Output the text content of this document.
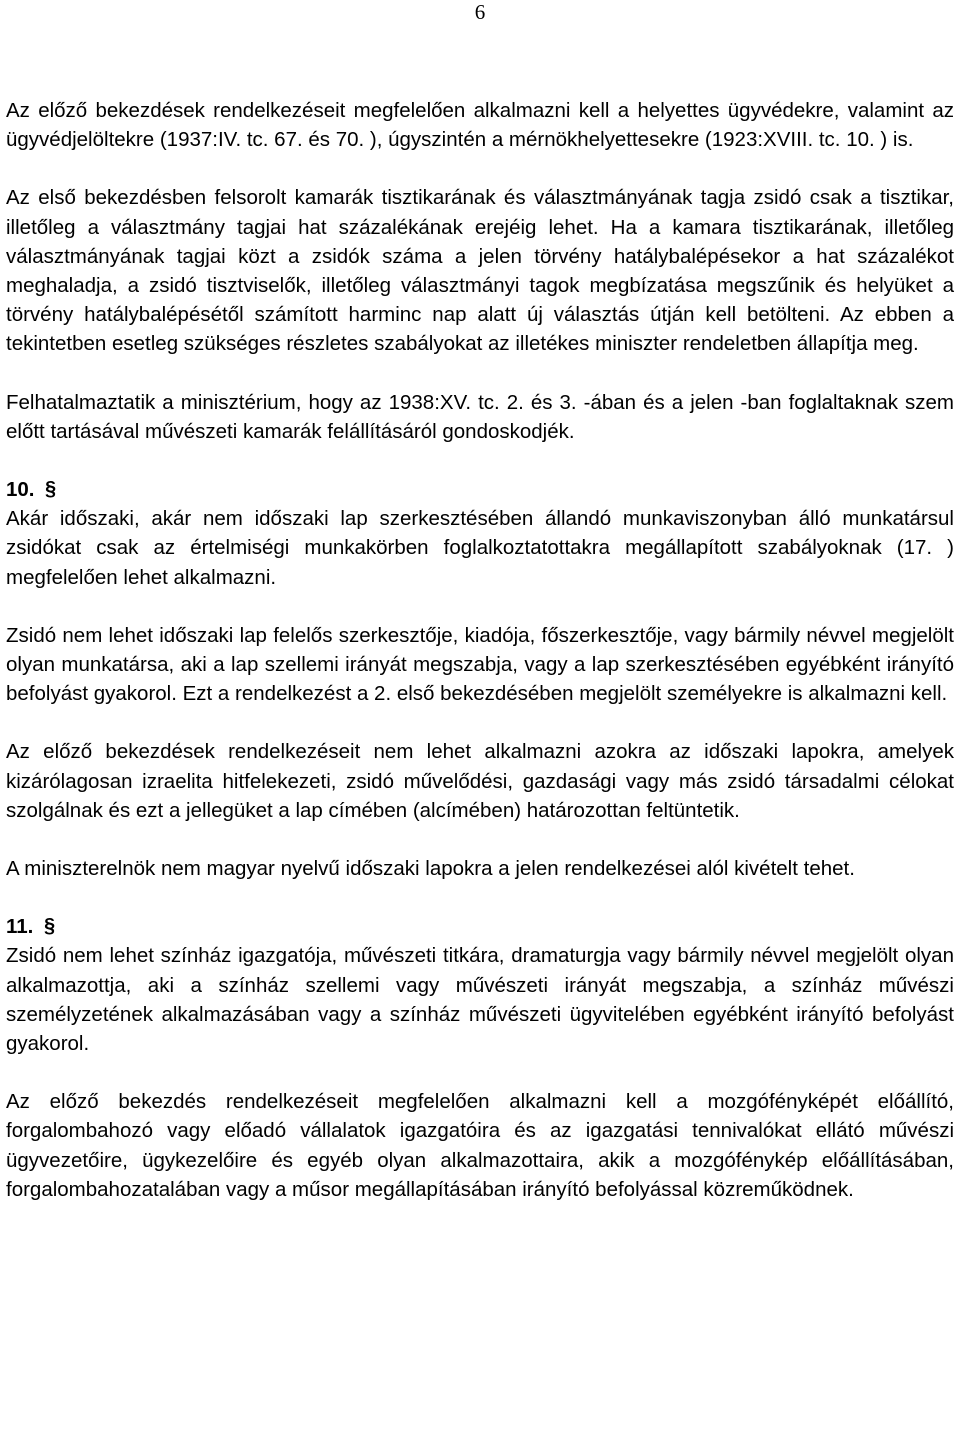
6

Az előző bekezdések rendelkezéseit megfelelően alkalmazni kell a helyettes ügyvédekre, valamint az ügyvédjelöltekre (1937:IV. tc. 67. és 70. ), úgyszintén a mérnökhelyettesekre (1923:XVIII. tc. 10. ) is.

Az első bekezdésben felsorolt kamarák tisztikarának és választmányának tagja zsidó csak a tisztikar, illetőleg a választmány tagjai hat százalékának erejéig lehet. Ha a kamara tisztikarának, illetőleg választmányának tagjai közt a zsidók száma a jelen törvény hatálybalépésekor a hat százalékot meghaladja, a zsidó tisztviselők, illetőleg választmányi tagok megbízatása megszűnik és helyüket a törvény hatálybalépésétől számított harminc nap alatt új választás útján kell betölteni. Az ebben a tekintetben esetleg szükséges részletes szabályokat az illetékes miniszter rendeletben állapítja meg.

Felhatalmaztatik a minisztérium, hogy az 1938:XV. tc. 2. és 3. -ában és a jelen -ban foglaltaknak szem előtt tartásával művészeti kamarák felállításáról gondoskodjék.

10. §

Akár időszaki, akár nem időszaki lap szerkesztésében állandó munkaviszonyban álló munkatársul zsidókat csak az értelmiségi munkakörben foglalkoztatottakra megállapított szabályoknak (17. ) megfelelően lehet alkalmazni.

Zsidó nem lehet időszaki lap felelős szerkesztője, kiadója, főszerkesztője, vagy bármily névvel megjelölt olyan munkatársa, aki a lap szellemi irányát megszabja, vagy a lap szerkesztésében egyébként irányító befolyást gyakorol. Ezt a rendelkezést a 2. első bekezdésében megjelölt személyekre is alkalmazni kell.

Az előző bekezdések rendelkezéseit nem lehet alkalmazni azokra az időszaki lapokra, amelyek kizárólagosan izraelita hitfelekezeti, zsidó művelődési, gazdasági vagy más zsidó társadalmi célokat szolgálnak és ezt a jellegüket a lap címében (alcímében) határozottan feltüntetik.

A miniszterelnök nem magyar nyelvű időszaki lapokra a jelen rendelkezései alól kivételt tehet.

11. §

Zsidó nem lehet színház igazgatója, művészeti titkára, dramaturgja vagy bármily névvel megjelölt olyan alkalmazottja, aki a színház szellemi vagy művészeti irányát megszabja, a színház művészi személyzetének alkalmazásában vagy a színház művészeti ügyvitelében egyébként irányító befolyást gyakorol.

Az előző bekezdés rendelkezéseit megfelelően alkalmazni kell a mozgófényképét előállító, forgalombahozó vagy előadó vállalatok igazgatóira és az igazgatási tennivalókat ellátó művészi ügyvezetőire, ügykezelőire és egyéb olyan alkalmazottaira, akik a mozgófénykép előállításában, forgalombahozatalában vagy a műsor megállapításában irányító befolyással közreműködnek.
